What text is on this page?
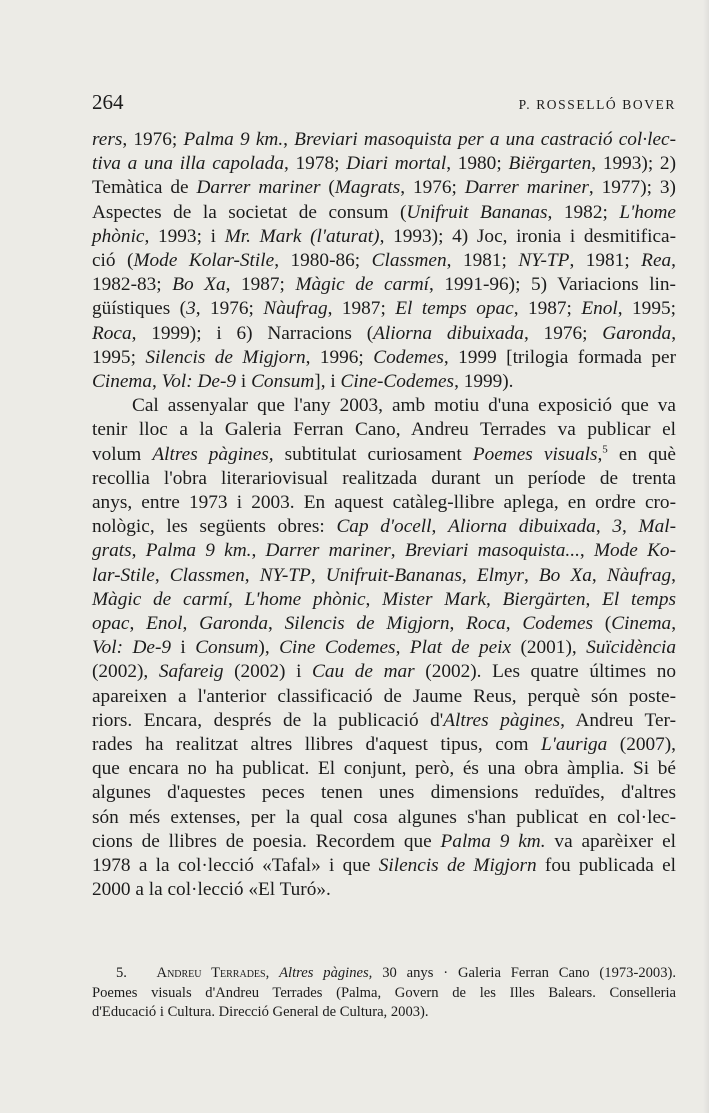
264	P. ROSSELLÓ BOVER

rers, 1976; Palma 9 km., Breviari masoquista per a una castració col·lec-
tiva a una illa capolada, 1978; Diari mortal, 1980; Biërgarten, 1993); 2)
Temàtica de Darrer mariner (Magrats, 1976; Darrer mariner, 1977); 3)
Aspectes de la societat de consum (Unifruit Bananas, 1982; L'home
phònic, 1993; i Mr. Mark (l'aturat), 1993); 4) Joc, ironia i desmitifica-
ció (Mode Kolar-Stile, 1980-86; Classmen, 1981; NY-TP, 1981; Rea,
1982-83; Bo Xa, 1987; Màgic de carmí, 1991-96); 5) Variacions lin-
güístiques (3, 1976; Nàufrag, 1987; El temps opac, 1987; Enol, 1995;
Roca, 1999); i 6) Narracions (Aliorna dibuixada, 1976; Garonda,
1995; Silencis de Migjorn, 1996; Codemes, 1999 [trilogia formada per
Cinema, Vol: De-9 i Consum], i Cine-Codemes, 1999).

Cal assenyalar que l'any 2003, amb motiu d'una exposició que va
tenir lloc a la Galeria Ferran Cano, Andreu Terrades va publicar el
volum Altres pàgines, subtitulat curiosament Poemes visuals,$^5$ en què
recollia l'obra literariovisual realitzada durant un període de trenta
anys, entre 1973 i 2003. En aquest catàleg-llibre aplega, en ordre cro-
nològic, les següents obres: Cap d'ocell, Aliorna dibuixada, 3, Mal-
grats, Palma 9 km., Darrer mariner, Breviari masoquista..., Mode Ko-
lar-Stile, Classmen, NY-TP, Unifruit-Bananas, Elmyr, Bo Xa, Nàufrag,
Màgic de carmí, L'home phònic, Mister Mark, Biergärten, El temps
opac, Enol, Garonda, Silencis de Migjorn, Roca, Codemes (Cinema,
Vol: De-9 i Consum), Cine Codemes, Plat de peix (2001), Suïcidència
(2002), Safareig (2002) i Cau de mar (2002). Les quatre últimes no
apareixen a l'anterior classificació de Jaume Reus, perquè són poste-
riors. Encara, després de la publicació d'Altres pàgines, Andreu Ter-
rades ha realitzat altres llibres d'aquest tipus, com L'auriga (2007),
que encara no ha publicat. El conjunt, però, és una obra àmplia. Si bé
algunes d'aquestes peces tenen unes dimensions reduïdes, d'altres
són més extenses, per la qual cosa algunes s'han publicat en col·lec-
cions de llibres de poesia. Recordem que Palma 9 km. va aparèixer el
1978 a la col·lecció «Tafal» i que Silencis de Migjorn fou publicada el
2000 a la col·lecció «El Turó».

5.   Andreu Terrades, Altres pàgines, 30 anys · Galeria Ferran Cano (1973-2003).
Poemes visuals d'Andreu Terrades (Palma, Govern de les Illes Balears. Conselleria
d'Educació i Cultura. Direcció General de Cultura, 2003).
